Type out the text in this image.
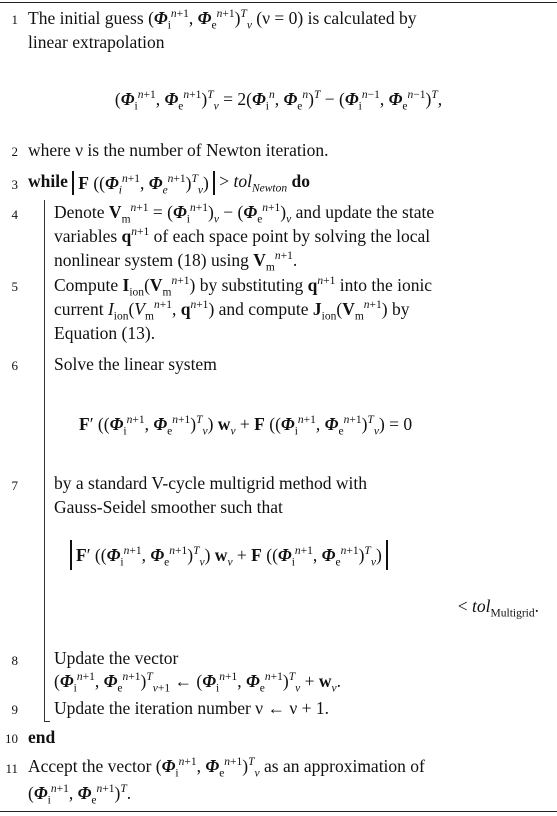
1 The initial guess ($\Phi_i^{n+1}$, $\Phi_e^{n+1})^T_\nu$ (ν = 0) is calculated by
linear extrapolation
($\Phi_i^{n+1}$, $\Phi_e^{n+1})^T_\nu = 2(\Phi_i^n$, $\Phi_e^n)^T - (\Phi_i^{n-1}$, $\Phi_e^{n-1})^T$,
2 where ν is the number of Newton iteration.
3 while F (($\Phi_i^{n+1}$, $\Phi_e^{n+1})^T_\nu) > tol_{Newton}$ do
4 Denote $V_m^{n+1} = (\Phi_i^{n+1})_\nu - (\Phi_e^{n+1})_\nu$ and update the state
variables $q^{n+1}$ of each space point by solving the local
nonlinear system (18) using $V_m^{n+1}$.
5 Compute $I_{ion}(V_m^{n+1})$ by substituting $q^{n+1}$ into the ionic
current $I_{ion}(V_m^{n+1}$, $q^{n+1}$) and compute $J_{ion}(V_m^{n+1})$ by
Equation (13).
6 Solve the linear system
F′ (($\Phi_i^{n+1}$, $\Phi_e^{n+1})^T_\nu$) $w_\nu + F$ (($\Phi_i^{n+1}$, $\Phi_e^{n+1})^T_\nu) = 0$
7 by a standard V-cycle multigrid method with
Gauss-Seidel smoother such that
F′ (($\Phi_i^{n+1}$, $\Phi_e^{n+1})^T_\nu$) $w_\nu + F$ (($\Phi_i^{n+1}$, $\Phi_e^{n+1})^T_\nu$)
< tol$_{Multigrid}$.
8 Update the vector
($\Phi_i^{n+1}$, $\Phi_e^{n+1})^T_{\nu+1}$ ← ($\Phi_i^{n+1}$, $\Phi_e^{n+1})^T_\nu + w_\nu$.
9 Update the iteration number ν ← ν + 1.
10 end
11 Accept the vector ($\Phi_i^{n+1}$, $\Phi_e^{n+1})^T_\nu$ as an approximation of
($\Phi_i^{n+1}$, $\Phi_e^{n+1})^T$.
